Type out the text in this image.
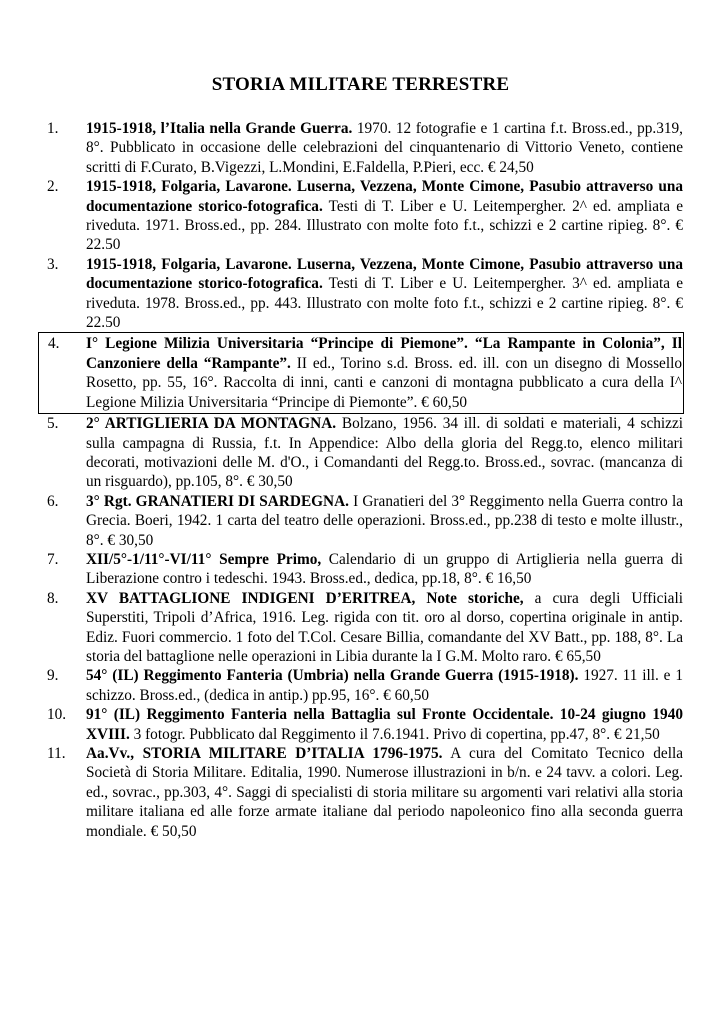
STORIA MILITARE TERRESTRE
1. 1915-1918, l’Italia nella Grande Guerra. 1970. 12 fotografie e 1 cartina f.t. Bross.ed., pp.319, 8°. Pubblicato in occasione delle celebrazioni del cinquantenario di Vittorio Veneto, contiene scritti di F.Curato, B.Vigezzi, L.Mondini, E.Faldella, P.Pieri, ecc. € 24,50
2. 1915-1918, Folgaria, Lavarone. Luserna, Vezzena, Monte Cimone, Pasubio attraverso una documentazione storico-fotografica. Testi di T. Liber e U. Leitempergher. 2^ ed. ampliata e riveduta. 1971. Bross.ed., pp. 284. Illustrato con molte foto f.t., schizzi e 2 cartine ripieg. 8°. € 22.50
3. 1915-1918, Folgaria, Lavarone. Luserna, Vezzena, Monte Cimone, Pasubio attraverso una documentazione storico-fotografica. Testi di T. Liber e U. Leitempergher. 3^ ed. ampliata e riveduta. 1978. Bross.ed., pp. 443. Illustrato con molte foto f.t., schizzi e 2 cartine ripieg. 8°. € 22.50
4. I° Legione Milizia Universitaria “Principe di Piemone”. “La Rampante in Colonia”, Il Canzoniere della “Rampante”. II ed., Torino s.d. Bross. ed. ill. con un disegno di Mossello Rosetto, pp. 55, 16°. Raccolta di inni, canti e canzoni di montagna pubblicato a cura della I^ Legione Milizia Universitaria “Principe di Piemonte”. € 60,50
5. 2° ARTIGLIERIA DA MONTAGNA. Bolzano, 1956. 34 ill. di soldati e materiali, 4 schizzi sulla campagna di Russia, f.t. In Appendice: Albo della gloria del Regg.to, elenco militari decorati, motivazioni delle M. d'O., i Comandanti del Regg.to. Bross.ed., sovrac. (mancanza di un risguardo), pp.105, 8°. € 30,50
6. 3° Rgt. GRANATIERI DI SARDEGNA. I Granatieri del 3° Reggimento nella Guerra contro la Grecia. Boeri, 1942. 1 carta del teatro delle operazioni. Bross.ed., pp.238 di testo e molte illustr., 8°. € 30,50
7. XII/5°-1/11°-VI/11° Sempre Primo, Calendario di un gruppo di Artiglieria nella guerra di Liberazione contro i tedeschi. 1943. Bross.ed., dedica, pp.18, 8°. € 16,50
8. XV BATTAGLIONE INDIGENI D’ERITREA, Note storiche, a cura degli Ufficiali Superstiti, Tripoli d’Africa, 1916. Leg. rigida con tit. oro al dorso, copertina originale in antip. Ediz. Fuori commercio. 1 foto del T.Col. Cesare Billia, comandante del XV Batt., pp. 188, 8°. La storia del battaglione nelle operazioni in Libia durante la I G.M. Molto raro. € 65,50
9. 54° (IL) Reggimento Fanteria (Umbria) nella Grande Guerra (1915-1918). 1927. 11 ill. e 1 schizzo. Bross.ed., (dedica in antip.) pp.95, 16°. € 60,50
10. 91° (IL) Reggimento Fanteria nella Battaglia sul Fronte Occidentale. 10-24 giugno 1940 XVIII. 3 fotogr. Pubblicato dal Reggimento il 7.6.1941. Privo di copertina, pp.47, 8°. € 21,50
11. Aa.Vv., STORIA MILITARE D’ITALIA 1796-1975. A cura del Comitato Tecnico della Società di Storia Militare. Editalia, 1990. Numerose illustrazioni in b/n. e 24 tavv. a colori. Leg. ed., sovrac., pp.303, 4°. Saggi di specialisti di storia militare su argomenti vari relativi alla storia militare italiana ed alle forze armate italiane dal periodo napoleonico fino alla seconda guerra mondiale. € 50,50
